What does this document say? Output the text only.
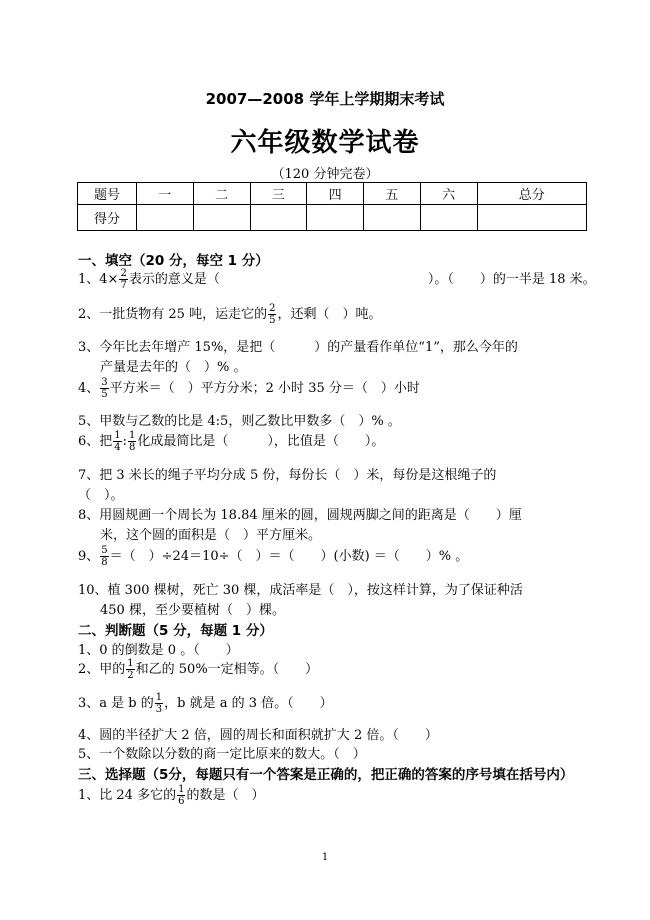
2007—2008 学年上学期期末考试
六年级数学试卷
（120 分钟完卷）
题号	一	二	三	四	五	六	总分
得分							
一、填空（20 分，每空 1 分）
1、$4\times \frac{2}{7}$ 表示的意义是（　　　　　　　　　　　　　　　　）。（　　）的一半是 18 米。
2、一批货物有 25 吨，运走它的 $\frac{2}{5}$ ，还剩（　）吨。
3、今年比去年增产 15%，是把（　　　）的产量看作单位“1”，那么今年的
产量是去年的（　）% 。
4、 $\frac{3}{5}$ 平方米＝（　）平方分米；2 小时 35 分＝（　）小时
5、甲数与乙数的比是 4:5，则乙数比甲数多（　）% 。
6、把 $\frac{1}{4}$ : $\frac{1}{8}$ 化成最简比是（　　　），比值是（　　）。
7、把 3 米长的绳子平均分成 5 份，每份长（　）米，每份是这根绳子的
（　）。
8、用圆规画一个周长为 18.84 厘米的圆，圆规两脚之间的距离是（　　）厘
米，这个圆的面积是（　）平方厘米。
9、 $\frac{5}{8}$ ＝（　）÷24＝10÷（　）＝（　　）(小数) ＝（　　）% 。
10、植 300 棵树，死亡 30 棵，成活率是（　），按这样计算，为了保证种活
450 棵，至少要植树（　）棵。
二、判断题（5 分，每题 1 分）
1、0 的倒数是 0 。（　　）
2、甲的 $\frac{1}{2}$ 和乙的 50%一定相等。（　　）
3、a 是 b 的 $\frac{1}{3}$ ，b 就是 a 的 3 倍。（　　）
4、圆的半径扩大 2 倍，圆的周长和面积就扩大 2 倍。（　　）
5、一个数除以分数的商一定比原来的数大。（　）
三、选择题（5分，每题只有一个答案是正确的，把正确的答案的序号填在括号内）
1、比 24 多它的 $\frac{1}{6}$ 的数是（　）
1
